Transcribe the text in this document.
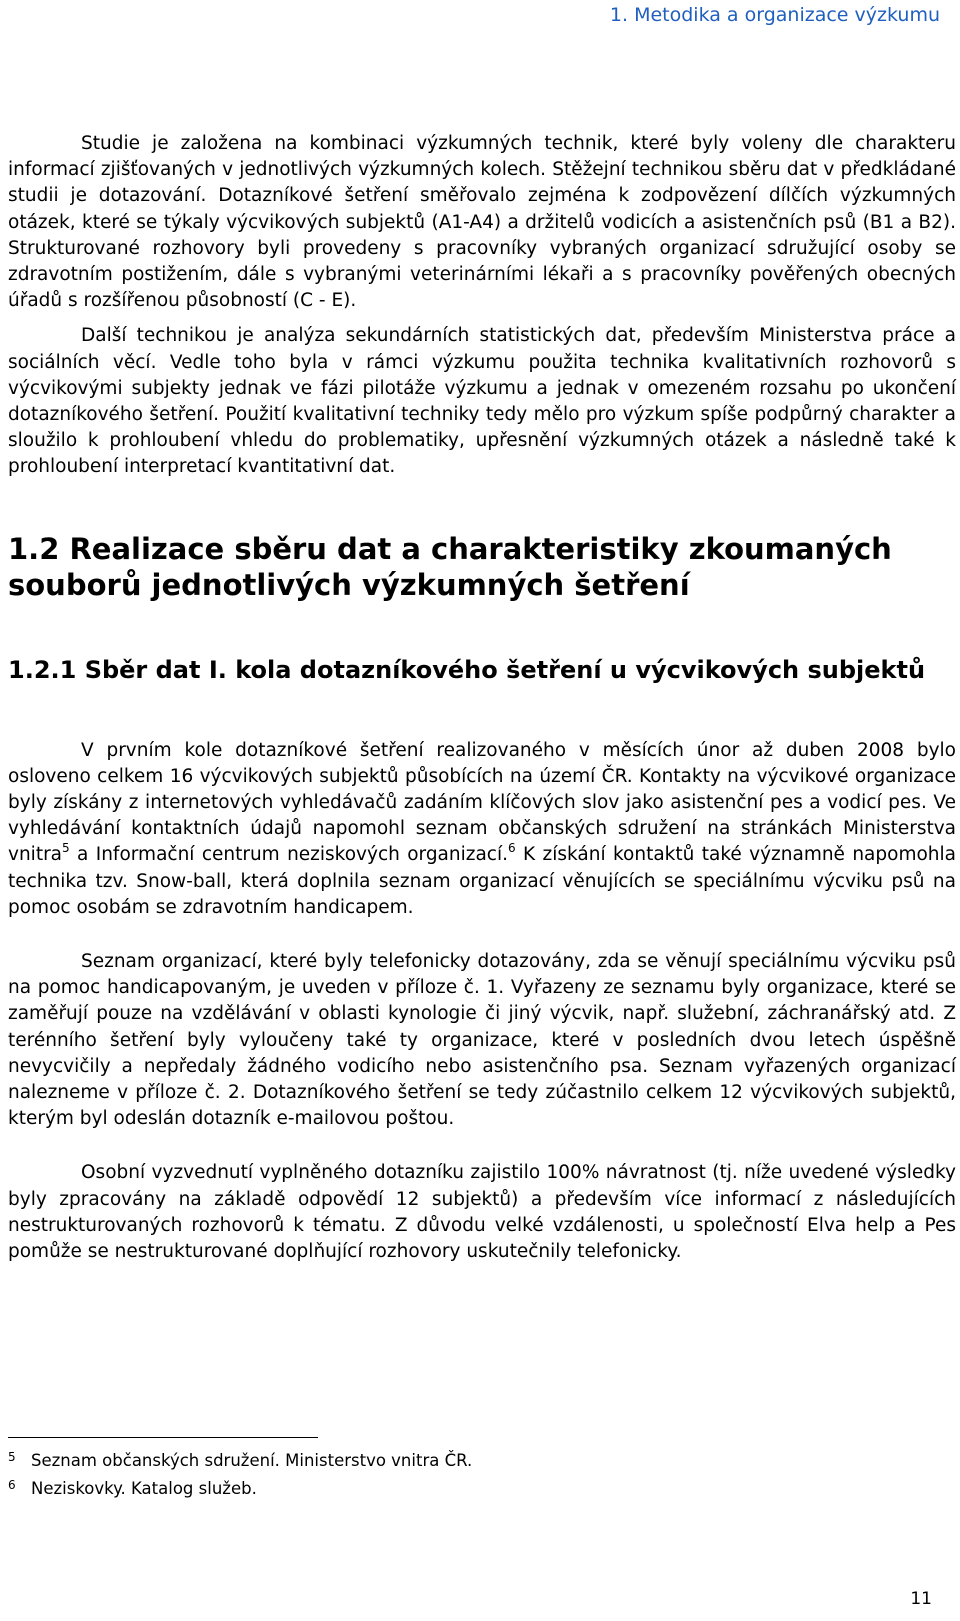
1. Metodika a organizace výzkumu

Studie je založena na kombinaci výzkumných technik, které byly voleny dle charakteru informací zjišťovaných v jednotlivých výzkumných kolech. Stěžejní technikou sběru dat v předkládané studii je dotazování. Dotazníkové šetření směřovalo zejména k zodpovězení dílčích výzkumných otázek, které se týkaly výcvikových subjektů (A1-A4) a držitelů vodicích a asistenčních psů (B1 a B2). Strukturované rozhovory byli provedeny s pracovníky vybraných organizací sdružující osoby se zdravotním postižením, dále s vybranými veterinárními lékaři a s pracovníky pověřených obecných úřadů s rozšířenou působností (C - E).

Další technikou je analýza sekundárních statistických dat, především Ministerstva práce a sociálních věcí. Vedle toho byla v rámci výzkumu použita technika kvalitativních rozhovorů s výcvikovými subjekty jednak ve fázi pilotáže výzkumu a jednak v omezeném rozsahu po ukončení dotazníkového šetření. Použití kvalitativní techniky tedy mělo pro výzkum spíše podpůrný charakter a sloužilo k prohloubení vhledu do problematiky, upřesnění výzkumných otázek a následně také k prohloubení interpretací kvantitativní dat.

1.2 Realizace sběru dat a charakteristiky zkoumaných souborů jednotlivých výzkumných šetření
1.2.1 Sběr dat I. kola dotazníkového šetření u výcvikových subjektů

V prvním kole dotazníkové šetření realizovaného v měsících únor až duben 2008 bylo osloveno celkem 16 výcvikových subjektů působících na území ČR. Kontakty na výcvikové organizace byly získány z internetových vyhledávačů zadáním klíčových slov jako asistenční pes a vodicí pes. Ve vyhledávání kontaktních údajů napomohl seznam občanských sdružení na stránkách Ministerstva vnitra$^5$ a Informační centrum neziskových organizací.$^6$ K získání kontaktů také významně napomohla technika tzv. Snow-ball, která doplnila seznam organizací věnujících se speciálnímu výcviku psů na pomoc osobám se zdravotním handicapem.

Seznam organizací, které byly telefonicky dotazovány, zda se věnují speciálnímu výcviku psů na pomoc handicapovaným, je uveden v příloze č. 1. Vyřazeny ze seznamu byly organizace, které se zaměřují pouze na vzdělávání v oblasti kynologie či jiný výcvik, např. služební, záchranářský atd. Z terénního šetření byly vyloučeny také ty organizace, které v posledních dvou letech úspěšně nevycvičily a nepředaly žádného vodicího nebo asistenčního psa. Seznam vyřazených organizací nalezneme v příloze č. 2. Dotazníkového šetření se tedy zúčastnilo celkem 12 výcvikových subjektů, kterým byl odeslán dotazník e-mailovou poštou.

Osobní vyzvednutí vyplněného dotazníku zajistilo 100% návratnost (tj. níže uvedené výsledky byly zpracovány na základě odpovědí 12 subjektů) a především více informací z následujících nestrukturovaných rozhovorů k tématu. Z důvodu velké vzdálenosti, u společností Elva help a Pes pomůže se nestrukturované doplňující rozhovory uskutečnily telefonicky.

5 Seznam občanských sdružení. Ministerstvo vnitra ČR.
6 Neziskovky. Katalog služeb.
11
